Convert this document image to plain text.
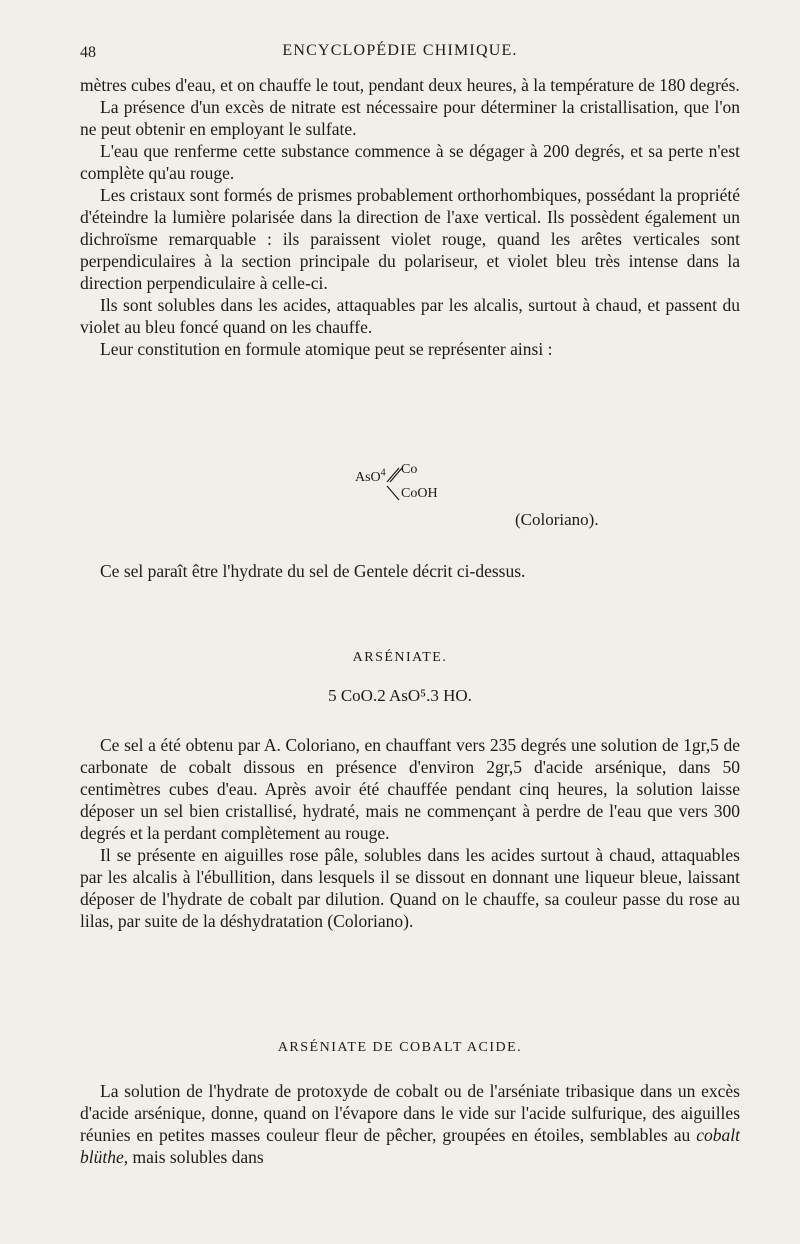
48	ENCYCLOPÉDIE CHIMIQUE.

mètres cubes d'eau, et on chauffe le tout, pendant deux heures, à la température de 180 degrés.

La présence d'un excès de nitrate est nécessaire pour déterminer la cristallisation, que l'on ne peut obtenir en employant le sulfate.

L'eau que renferme cette substance commence à se dégager à 200 degrés, et sa perte n'est complète qu'au rouge.

Les cristaux sont formés de prismes probablement orthorhombiques, possédant la propriété d'éteindre la lumière polarisée dans la direction de l'axe vertical. Ils possèdent également un dichroïsme remarquable : ils paraissent violet rouge, quand les arêtes verticales sont perpendiculaires à la section principale du polariseur, et violet bleu très intense dans la direction perpendiculaire à celle-ci.

Ils sont solubles dans les acides, attaquables par les alcalis, surtout à chaud, et passent du violet au bleu foncé quand on les chauffe.

Leur constitution en formule atomique peut se représenter ainsi :

AsO$^4$ Co
CoOH
(Coloriano).

Ce sel paraît être l'hydrate du sel de Gentele décrit ci-dessus.

ARSÉNIATE.
5 CoO.2 AsO⁵.3 HO.

Ce sel a été obtenu par A. Coloriano, en chauffant vers 235 degrés une solution de 1gr,5 de carbonate de cobalt dissous en présence d'environ 2gr,5 d'acide arsénique, dans 50 centimètres cubes d'eau. Après avoir été chauffée pendant cinq heures, la solution laisse déposer un sel bien cristallisé, hydraté, mais ne commençant à perdre de l'eau que vers 300 degrés et la perdant complètement au rouge.

Il se présente en aiguilles rose pâle, solubles dans les acides surtout à chaud, attaquables par les alcalis à l'ébullition, dans lesquels il se dissout en donnant une liqueur bleue, laissant déposer de l'hydrate de cobalt par dilution. Quand on le chauffe, sa couleur passe du rose au lilas, par suite de la déshydratation (Coloriano).

ARSÉNIATE DE COBALT ACIDE.

La solution de l'hydrate de protoxyde de cobalt ou de l'arséniate tribasique dans un excès d'acide arsénique, donne, quand on l'évapore dans le vide sur l'acide sulfurique, des aiguilles réunies en petites masses couleur fleur de pêcher, groupées en étoiles, semblables au cobalt blüthe, mais solubles dans
